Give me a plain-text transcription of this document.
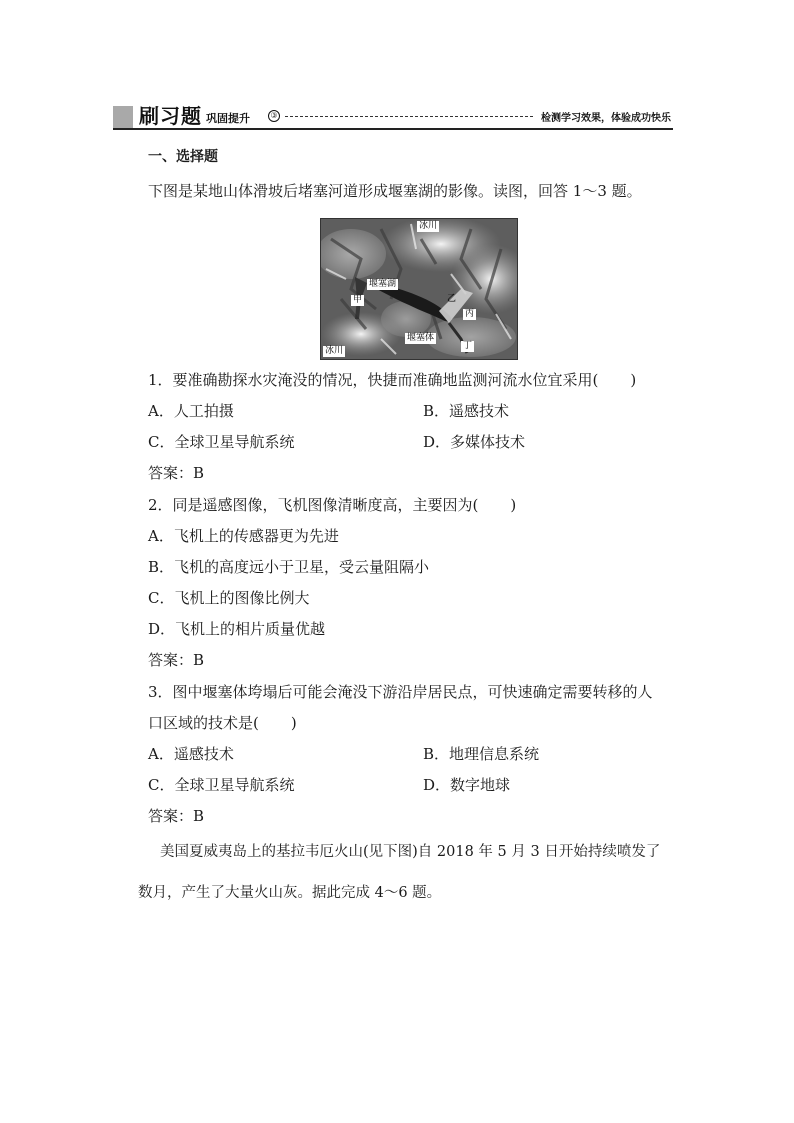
刷习题 巩固提升	③	检测学习效果，体验成功快乐
一、选择题
下图是某地山体滑坡后堵塞河道形成堰塞湖的影像。读图，回答 1～3 题。
冰川
堰塞湖
甲	乙
丙
堰塞体
丁
冰川
1．要准确勘探水灾淹没的情况，快捷而准确地监测河流水位宜采用( )
A．人工拍摄	B．遥感技术
C．全球卫星导航系统	D．多媒体技术
答案：B
2．同是遥感图像，飞机图像清晰度高，主要因为( )
A．飞机上的传感器更为先进
B．飞机的高度远小于卫星，受云量阻隔小
C．飞机上的图像比例大
D．飞机上的相片质量优越
答案：B
3．图中堰塞体垮塌后可能会淹没下游沿岸居民点，可快速确定需要转移的人
口区域的技术是( )
A．遥感技术	B．地理信息系统
C．全球卫星导航系统	D．数字地球
答案：B
美国夏威夷岛上的基拉韦厄火山(见下图)自 2018 年 5 月 3 日开始持续喷发了
数月，产生了大量火山灰。据此完成 4～6 题。
